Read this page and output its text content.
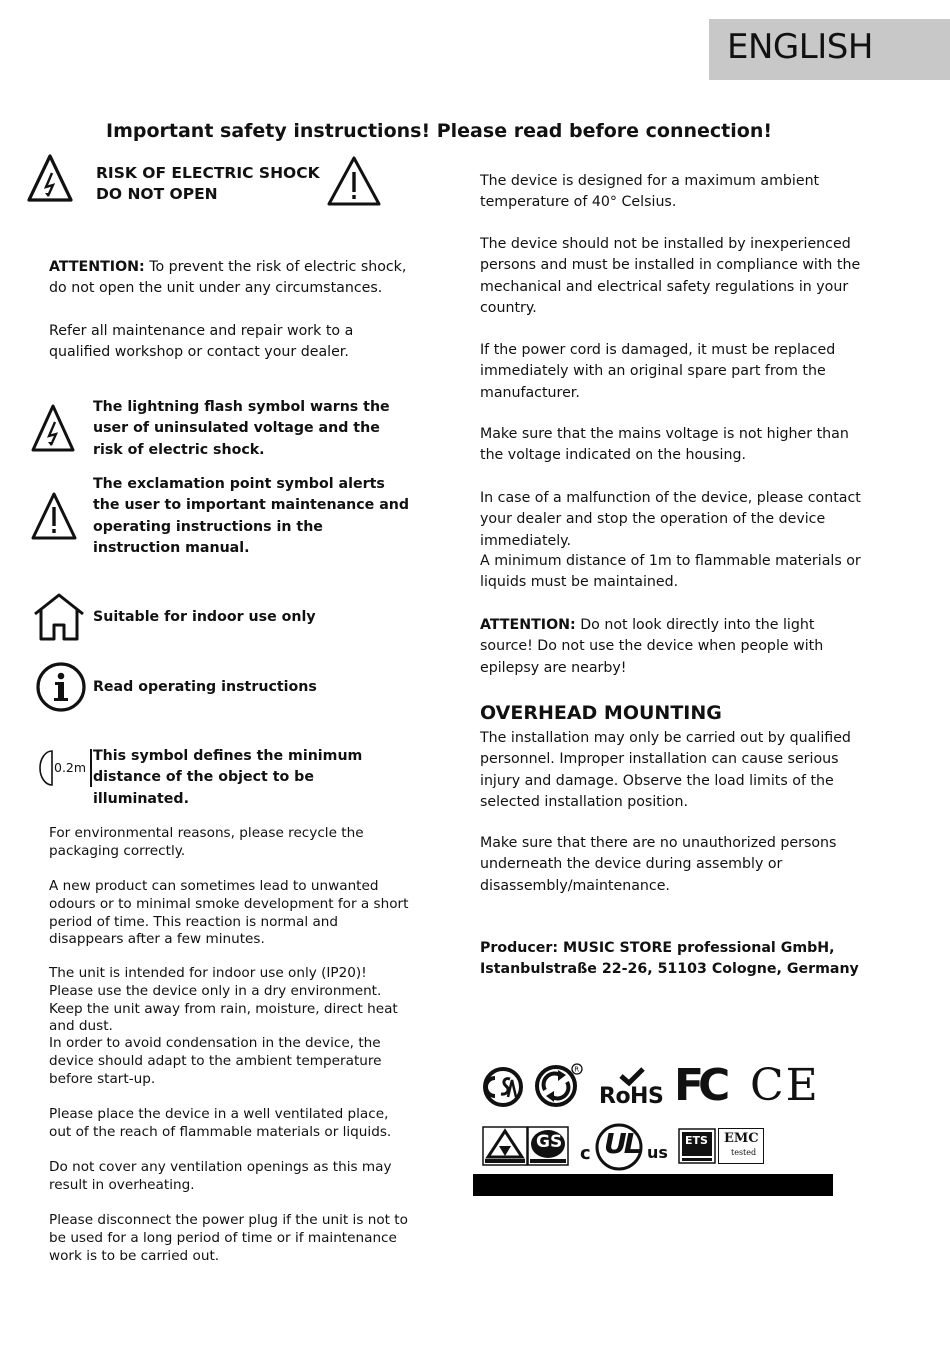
ENGLISH
Important safety instructions! Please read before connection!
RISK OF ELECTRIC SHOCK
DO NOT OPEN
ATTENTION: To prevent the risk of electric shock, do not open the unit under any circumstances.
Refer all maintenance and repair work to a qualified workshop or contact your dealer.
The lightning flash symbol warns the user of uninsulated voltage and the risk of electric shock.
The exclamation point symbol alerts the user to important maintenance and operating instructions in the instruction manual.
Suitable for indoor use only
Read operating instructions
0.2m
This symbol defines the minimum distance of the object to be illuminated.
For environmental reasons, please recycle the packaging correctly.
A new product can sometimes lead to unwanted odours or to minimal smoke development for a short period of time. This reaction is normal and disappears after a few minutes.
The unit is intended for indoor use only (IP20)! Please use the device only in a dry environment. Keep the unit away from rain, moisture, direct heat and dust.
In order to avoid condensation in the device, the device should adapt to the ambient temperature before start-up.
Please place the device in a well ventilated place, out of the reach of flammable materials or liquids.
Do not cover any ventilation openings as this may result in overheating.
Please disconnect the power plug if the unit is not to be used for a long period of time or if maintenance work is to be carried out.
The device is designed for a maximum ambient temperature of 40° Celsius.
The device should not be installed by inexperienced persons and must be installed in compliance with the mechanical and electrical safety regulations in your country.
If the power cord is damaged, it must be replaced immediately with an original spare part from the manufacturer.
Make sure that the mains voltage is not higher than the voltage indicated on the housing.
In case of a malfunction of the device, please contact your dealer and stop the operation of the device immediately.
A minimum distance of 1m to flammable materials or liquids must be maintained.
ATTENTION: Do not look directly into the light source! Do not use the device when people with epilepsy are nearby!
OVERHEAD MOUNTING
The installation may only be carried out by qualified personnel. Improper installation can cause serious injury and damage. Observe the load limits of the selected installation position.
Make sure that there are no unauthorized persons underneath the device during assembly or disassembly/maintenance.
Producer: MUSIC STORE professional GmbH,
Istanbulstraße 22-26, 51103 Cologne, Germany
R
RoHS FC CE
GS
c UL us
ETS EMC
tested
